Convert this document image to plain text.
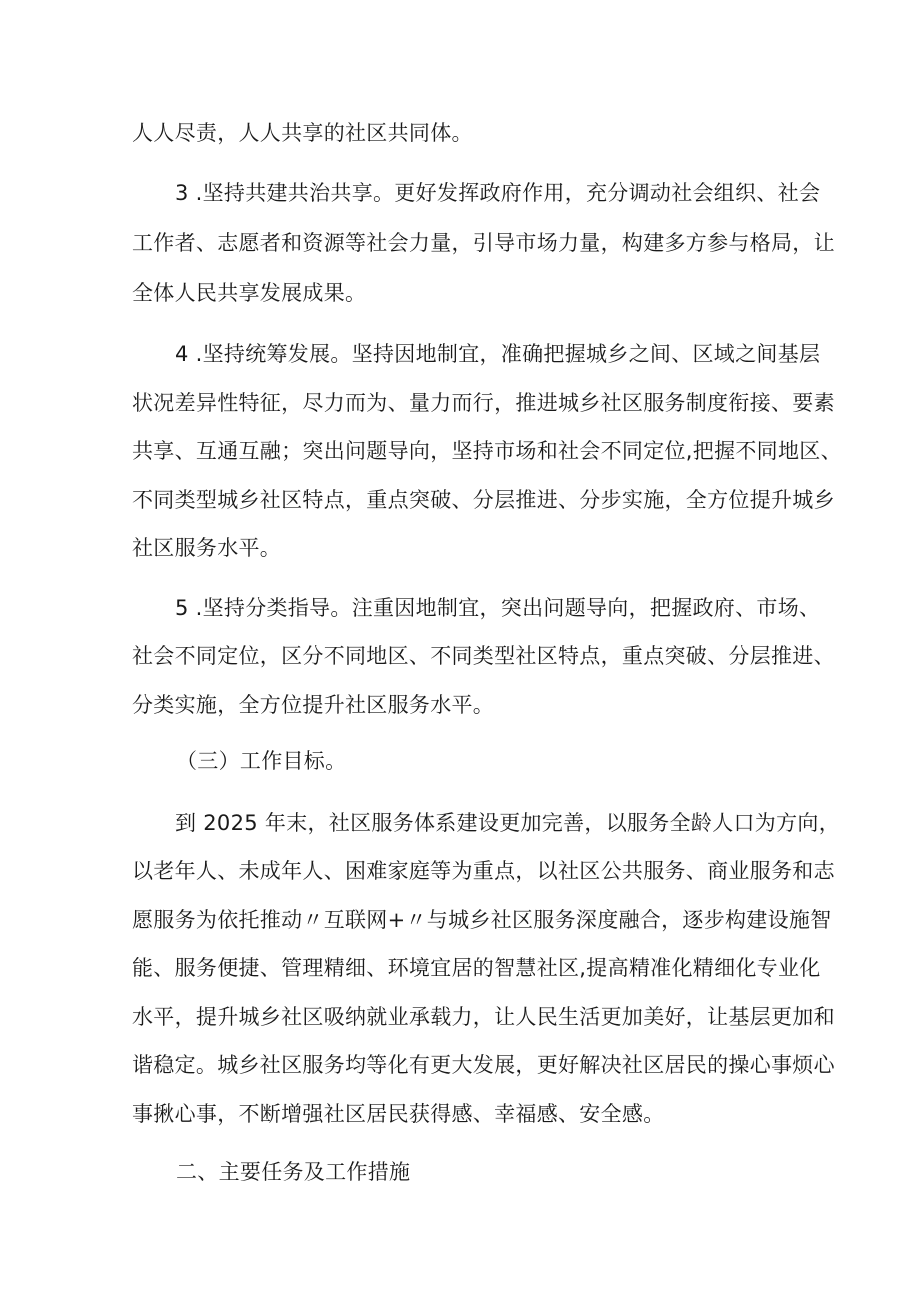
人人尽责，人人共享的社区共同体。
3 .坚持共建共治共享。更好发挥政府作用，充分调动社会组织、社会
工作者、志愿者和资源等社会力量，引导市场力量，构建多方参与格局，让
全体人民共享发展成果。
4 .坚持统筹发展。坚持因地制宜，准确把握城乡之间、区域之间基层
状况差异性特征，尽力而为、量力而行，推进城乡社区服务制度衔接、要素
共享、互通互融；突出问题导向，坚持市场和社会不同定位,把握不同地区、
不同类型城乡社区特点，重点突破、分层推进、分步实施，全方位提升城乡
社区服务水平。
5 .坚持分类指导。注重因地制宜，突出问题导向，把握政府、市场、
社会不同定位，区分不同地区、不同类型社区特点，重点突破、分层推进、
分类实施，全方位提升社区服务水平。
（三）工作目标。
到 2025 年末，社区服务体系建设更加完善，以服务全龄人口为方向，
以老年人、未成年人、困难家庭等为重点，以社区公共服务、商业服务和志
愿服务为依托推动〃互联网+〃与城乡社区服务深度融合，逐步构建设施智
能、服务便捷、管理精细、环境宜居的智慧社区,提高精准化精细化专业化
水平，提升城乡社区吸纳就业承载力，让人民生活更加美好，让基层更加和
谐稳定。城乡社区服务均等化有更大发展，更好解决社区居民的操心事烦心
事揪心事，不断增强社区居民获得感、幸福感、安全感。
二、主要任务及工作措施
